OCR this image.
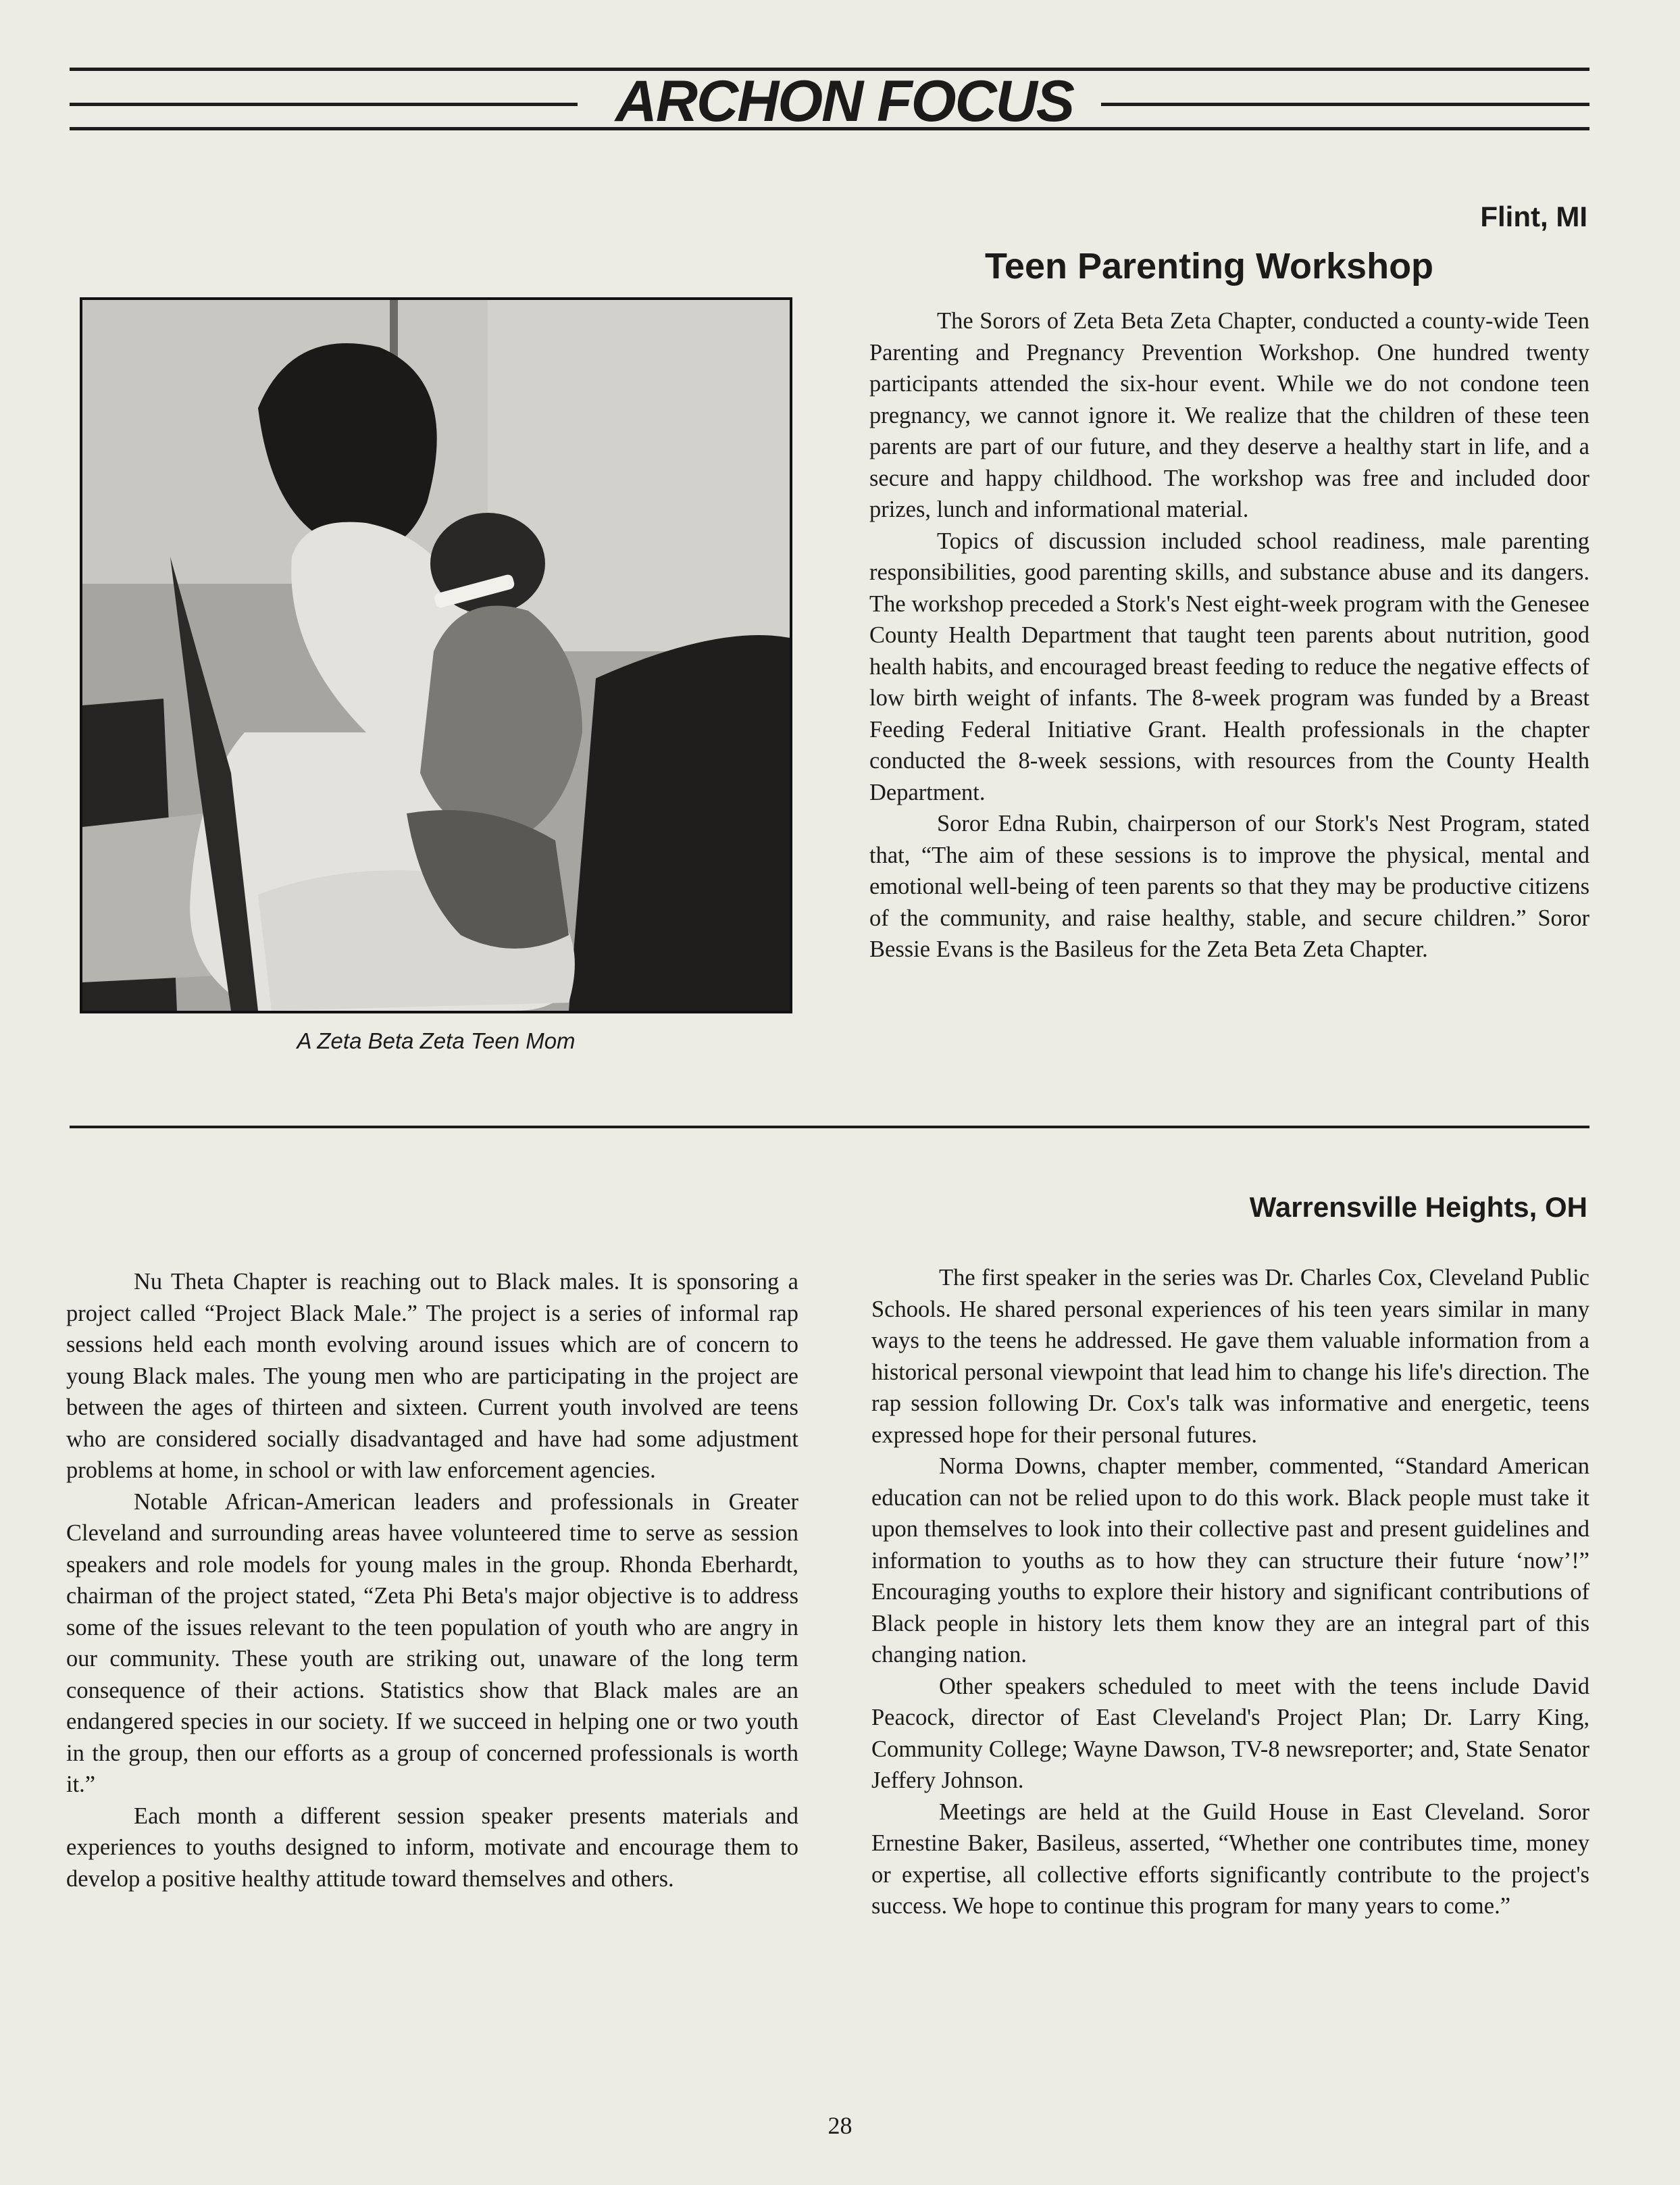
ARCHON FOCUS
Flint, MI
Teen Parenting Workshop

A Zeta Beta Zeta Teen Mom

The Sorors of Zeta Beta Zeta Chapter, conducted a county-wide Teen Parenting and Pregnancy Prevention Workshop. One hundred twenty participants attended the six-hour event. While we do not condone teen pregnancy, we cannot ignore it. We realize that the children of these teen parents are part of our future, and they deserve a healthy start in life, and a secure and happy childhood. The workshop was free and included door prizes, lunch and informational material.

Topics of discussion included school readiness, male parenting responsibilities, good parenting skills, and substance abuse and its dangers. The workshop preceded a Stork's Nest eight-week program with the Genesee County Health Department that taught teen parents about nutrition, good health habits, and encouraged breast feeding to reduce the negative effects of low birth weight of infants. The 8-week program was funded by a Breast Feeding Federal Initiative Grant. Health professionals in the chapter conducted the 8-week sessions, with resources from the County Health Department.

Soror Edna Rubin, chairperson of our Stork's Nest Program, stated that, “The aim of these sessions is to improve the physical, mental and emotional well-being of teen parents so that they may be productive citizens of the community, and raise healthy, stable, and secure children.” Soror Bessie Evans is the Basileus for the Zeta Beta Zeta Chapter.

Warrensville Heights, OH

Nu Theta Chapter is reaching out to Black males. It is sponsoring a project called “Project Black Male.” The project is a series of informal rap sessions held each month evolving around issues which are of concern to young Black males. The young men who are participating in the project are between the ages of thirteen and sixteen. Current youth involved are teens who are considered socially disadvantaged and have had some adjustment problems at home, in school or with law enforcement agencies.

Notable African-American leaders and professionals in Greater Cleveland and surrounding areas havee volunteered time to serve as session speakers and role models for young males in the group. Rhonda Eberhardt, chairman of the project stated, “Zeta Phi Beta's major objective is to address some of the issues relevant to the teen population of youth who are angry in our community. These youth are striking out, unaware of the long term consequence of their actions. Statistics show that Black males are an endangered species in our society. If we succeed in helping one or two youth in the group, then our efforts as a group of concerned professionals is worth it.”

Each month a different session speaker presents materials and experiences to youths designed to inform, motivate and encourage them to develop a positive healthy attitude toward themselves and others.

The first speaker in the series was Dr. Charles Cox, Cleveland Public Schools. He shared personal experiences of his teen years similar in many ways to the teens he addressed. He gave them valuable information from a historical personal viewpoint that lead him to change his life's direction. The rap session following Dr. Cox's talk was informative and energetic, teens expressed hope for their personal futures.

Norma Downs, chapter member, commented, “Standard American education can not be relied upon to do this work. Black people must take it upon themselves to look into their collective past and present guidelines and information to youths as to how they can structure their future ‘now’!” Encouraging youths to explore their history and significant contributions of Black people in history lets them know they are an integral part of this changing nation.

Other speakers scheduled to meet with the teens include David Peacock, director of East Cleveland's Project Plan; Dr. Larry King, Community College; Wayne Dawson, TV-8 newsreporter; and, State Senator Jeffery Johnson.

Meetings are held at the Guild House in East Cleveland. Soror Ernestine Baker, Basileus, asserted, “Whether one contributes time, money or expertise, all collective efforts significantly contribute to the project's success. We hope to continue this program for many years to come.”

28
